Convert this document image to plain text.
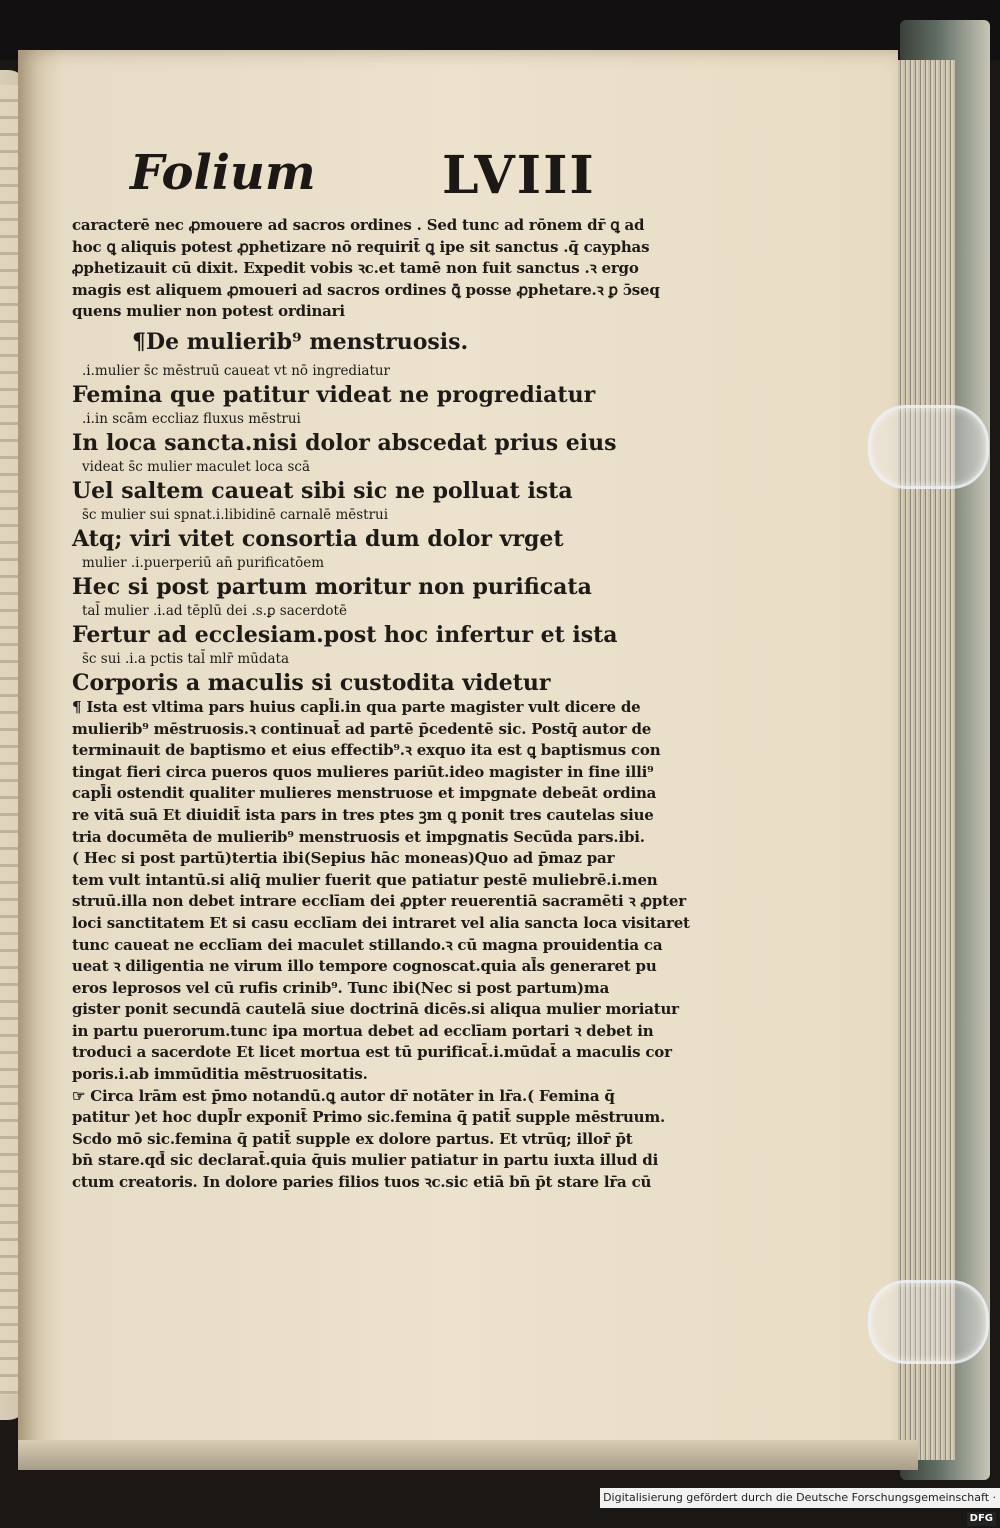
Folium LVIII
caracterē nec ꝓmouere ad sacros ordines . Sed tunc ad rōnem dr̄ ꝗ ad
hoc ꝗ aliquis potest ꝓphetizare nō requirit̄ ꝗ ipe sit sanctus .q̄ cayphas
ꝓphetizauit cū dixit. Expedit vobis ꝛc.et tamē non fuit sanctus .ꝛ ergo
magis est aliquem ꝓmoueri ad sacros ordines ꝗ̄ posse ꝓphetare.ꝛ ꝑ ɔ̄seq
quens mulier non potest ordinari
¶De mulierib⁹ menstruosis.
.i.mulier s̄c mēstruū caueat vt nō ingrediatur
Femina que patitur videat ne progrediatur
.i.in scām eccliaz fluxus mēstrui
In loca sancta.nisi dolor abscedat prius eius
videat s̄c mulier maculet loca scā
Uel saltem caueat sibi sic ne polluat ista
s̄c mulier sui spnat.i.libidinē carnalē mēstrui
Atq; viri vitet consortia dum dolor vrget
mulier .i.puerperiū an̄ purificatōem
Hec si post partum moritur non purificata
tal̄ mulier .i.ad tēplū dei .s.ꝑ sacerdotē
Fertur ad ecclesiam.post hoc infertur et ista
s̄c sui .i.a pctis tal̄ mlr̄ mūdata
Corporis a maculis si custodita videtur
¶ Ista est vltima pars huius capl̄i.in qua parte magister vult dicere de
mulierib⁹ mēstruosis.ꝛ continuat̄ ad partē p̄cedentē sic. Postq̄ autor de
terminauit de baptismo et eius effectib⁹.ꝛ exquo ita est ꝗ baptismus con
tingat fieri circa pueros quos mulieres pariūt.ideo magister in fine illi⁹
capl̄i ostendit qualiter mulieres menstruose et impgnate debeāt ordina
re vitā suā Et diuidit̄ ista pars in tres ptes ꝫm ꝗ ponit tres cautelas siue
tria documēta de mulierib⁹ menstruosis et impgnatis Secūda pars.ibi.
( Hec si post partū)tertia ibi(Sepius hāc moneas)Quo ad p̄maz par
tem vult intantū.si aliq̄ mulier fuerit que patiatur pestē muliebrē.i.men
struū.illa non debet intrare ecclīam dei ꝓpter reuerentiā sacramēti ꝛ ꝓpter
loci sanctitatem Et si casu ecclīam dei intraret vel alia sancta loca visitaret
tunc caueat ne ecclīam dei maculet stillando.ꝛ cū magna prouidentia ca
ueat ꝛ diligentia ne virum illo tempore cognoscat.quia al̄s generaret pu
eros leprosos vel cū rufis crinib⁹. Tunc ibi(Nec si post partum)ma
gister ponit secundā cautelā siue doctrinā dicēs.si aliqua mulier moriatur
in partu puerorum.tunc ipa mortua debet ad ecclīam portari ꝛ debet in
troduci a sacerdote Et licet mortua est tū purificat̄.i.mūdat̄ a maculis cor
poris.i.ab immūditia mēstruositatis.
☞ Circa lrām est p̄mo notandū.ꝗ autor dr̄ notāter in lr̄a.( Femina q̄
patitur )et hoc dupl̄r exponit̄ Primo sic.femina q̄ patit̄ supple mēstruum.
Scdo mō sic.femina q̄ patit̄ supple ex dolore partus. Et vtrūq; illor̄ p̄t
bn̄ stare.qd̄ sic declarat̄.quia q̄uis mulier patiatur in partu iuxta illud di
ctum creatoris. In dolore paries filios tuos ꝛc.sic etiā bn̄ p̄t stare lr̄a cū
Digitalisierung gefördert durch die Deutsche Forschungsgemeinschaft ·DFG
